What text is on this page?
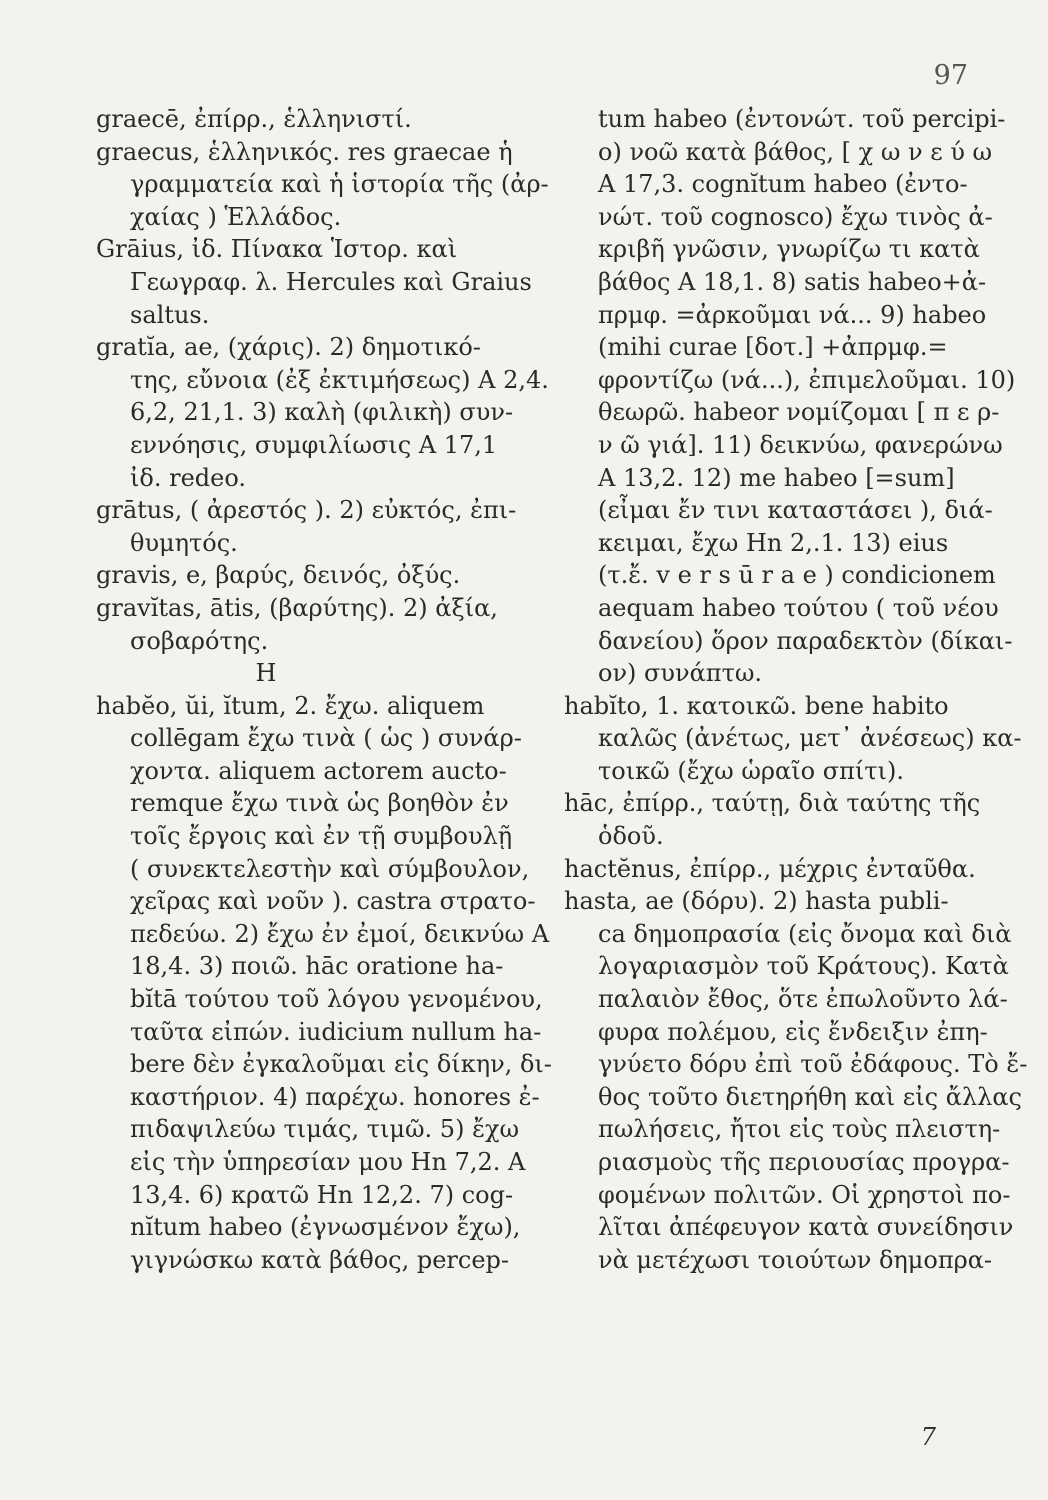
97
graecē, ἐπίρρ., ἑλληνιστί.
graecus, ἑλληνικός. res graecae ἡ
γραμματεία καὶ ἡ ἱστορία τῆς (ἀρ-
χαίας ) Ἑλλάδος.
Grāius, ἰδ. Πίνακα Ἱστορ. καὶ
Γεωγραφ. λ. Hercules καὶ Graius
saltus.
gratĭa, ae, (χάρις). 2) δημοτικό-
της, εὔνοια (ἐξ ἐκτιμήσεως) A 2,4.
6,2, 21,1. 3) καλὴ (φιλικὴ) συν-
εννόησις, συμφιλίωσις A 17,1
ἰδ. redeo.
grātus, ( ἀρεστός ). 2) εὐκτός, ἐπι-
θυμητός.
gravis, e, βαρύς, δεινός, ὀξύς.
gravĭtas, ātis, (βαρύτης). 2) ἀξία,
σοβαρότης.
H
habĕo, ŭi, ĭtum, 2. ἔχω. aliquem
collēgam ἔχω τινὰ ( ὡς ) συνάρ-
χοντα. aliquem actorem aucto-
remque ἔχω τινὰ ὡς βοηθὸν ἐν
τοῖς ἔργοις καὶ ἐν τῇ συμβουλῇ
( συνεκτελεστὴν καὶ σύμβουλον,
χεῖρας καὶ νοῦν ). castra στρατο-
πεδεύω. 2) ἔχω ἐν ἐμοί, δεικνύω A
18,4. 3) ποιῶ. hāc oratione ha-
bĭtā τούτου τοῦ λόγου γενομένου,
ταῦτα εἰπών. iudicium nullum ha-
bere δὲν ἐγκαλοῦμαι εἰς δίκην, δι-
καστήριον. 4) παρέχω. honores ἐ-
πιδαψιλεύω τιμάς, τιμῶ. 5) ἔχω
εἰς τὴν ὑπηρεσίαν μου Hn 7,2. A
13,4. 6) κρατῶ Hn 12,2. 7) cog-
nĭtum habeo (ἐγνωσμένον ἔχω),
γιγνώσκω κατὰ βάθος, percep-
tum habeo (ἐντονώτ. τοῦ percipi-
o) νοῶ κατὰ βάθος, [ χ ω ν ε ύ ω
A 17,3. cognĭtum habeo (ἐντο-
νώτ. τοῦ cognosco) ἔχω τινὸς ἀ-
κριβῆ γνῶσιν, γνωρίζω τι κατὰ
βάθος A 18,1. 8) satis habeo+ἀ-
πρμφ. =ἀρκοῦμαι νά... 9) habeo
(mihi curae [δοτ.] +ἀπρμφ.=
φροντίζω (νά...), ἐπιμελοῦμαι. 10)
θεωρῶ. habeor νομίζομαι [ π ε ρ-
ν ῶ γιά]. 11) δεικνύω, φανερώνω
A 13,2. 12) me habeo [=sum]
(εἶμαι ἔν τινι καταστάσει ), διά-
κειμαι, ἔχω Hn 2,.1. 13) eius
(τ.ἔ. v e r s ū r a e ) condicionem
aequam habeo τούτου ( τοῦ νέου
δανείου) ὅρον παραδεκτὸν (δίκαι-
ον) συνάπτω.
habĭto, 1. κατοικῶ. bene habito
καλῶς (ἀνέτως, μετ᾿ ἀνέσεως) κα-
τοικῶ (ἔχω ὡραῖο σπίτι).
hāc, ἐπίρρ., ταύτῃ, διὰ ταύτης τῆς
ὁδοῦ.
hactĕnus, ἐπίρρ., μέχρις ἐνταῦθα.
hasta, ae (δόρυ). 2) hasta publi-
ca δημοπρασία (εἰς ὄνομα καὶ διὰ
λογαριασμὸν τοῦ Κράτους). Κατὰ
παλαιὸν ἔθος, ὅτε ἐπωλοῦντο λά-
φυρα πολέμου, εἰς ἔνδειξιν ἐπη-
γνύετο δόρυ ἐπὶ τοῦ ἐδάφους. Τὸ ἔ-
θος τοῦτο διετηρήθη καὶ εἰς ἄλλας
πωλήσεις, ἤτοι εἰς τοὺς πλειστη-
ριασμοὺς τῆς περιουσίας προγρα-
φομένων πολιτῶν. Οἱ χρηστοὶ πο-
λῖται ἀπέφευγον κατὰ συνείδησιν
νὰ μετέχωσι τοιούτων δημοπρα-
7
